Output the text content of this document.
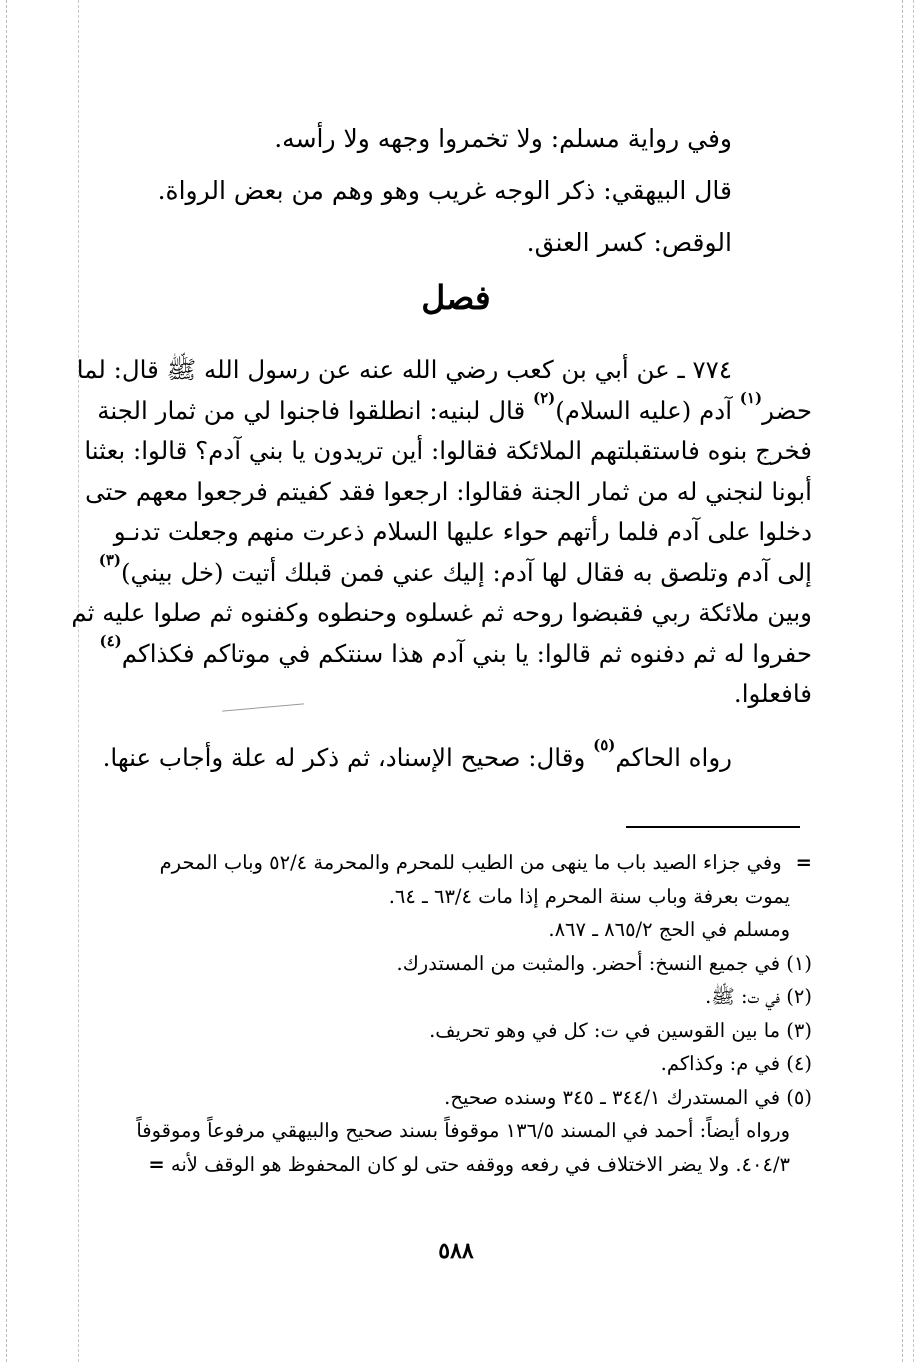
وفي رواية مسلم: ولا تخمروا وجهه ولا رأسه.
قال البيهقي: ذكر الوجه غريب وهو وهم من بعض الرواة.
الوقص: كسر العنق.
فصل
٧٧٤ ـ عن أبي بن كعب رضي الله عنه عن رسول الله ﷺ قال: لما
حضر$^{(١)}$ آدم (عليه السلام)$^{(٢)}$ قال لبنيه: انطلقوا فاجنوا لي من ثمار الجنة
فخرج بنوه فاستقبلتهم الملائكة فقالوا: أين تريدون يا بني آدم؟ قالوا: بعثنا
أبونا لنجني له من ثمار الجنة فقالوا: ارجعوا فقد كفيتم فرجعوا معهم حتى
دخلوا على آدم فلما رأتهم حواء عليها السلام ذعرت منهم وجعلت تدنـو
إلى آدم وتلصق به فقال لها آدم: إليك عني فمن قبلك أتيت (خل بيني)$^{(٣)}$
وبين ملائكة ربي فقبضوا روحه ثم غسلوه وحنطوه وكفنوه ثم صلوا عليه ثم
حفروا له ثم دفنوه ثم قالوا: يا بني آدم هذا سنتكم في موتاكم فكذاكم$^{(٤)}$
فافعلوا.
رواه الحاكم$^{(٥)}$ وقال: صحيح الإسناد، ثم ذكر له علة وأجاب عنها.
=وفي جزاء الصيد باب ما ينهى من الطيب للمحرم والمحرمة ٥٢/٤ وباب المحرم
يموت بعرفة وباب سنة المحرم إذا مات ٦٣/٤ ـ ٦٤.
ومسلم في الحج ٨٦٥/٢ ـ ٨٦٧.
(١) في جميع النسخ: أحضر. والمثبت من المستدرك.
(٢) في ت: ﷺ.
(٣) ما بين القوسين في ت: كل في وهو تحريف.
(٤) في م: وكذاكم.
(٥) في المستدرك ٣٤٤/١ ـ ٣٤٥ وسنده صحيح.
ورواه أيضاً: أحمد في المسند ١٣٦/٥ موقوفاً بسند صحيح والبيهقي مرفوعاً وموقوفاً
٤٠٤/٣. ولا يضر الاختلاف في رفعه ووقفه حتى لو كان المحفوظ هو الوقف لأنه =
٥٨٨
